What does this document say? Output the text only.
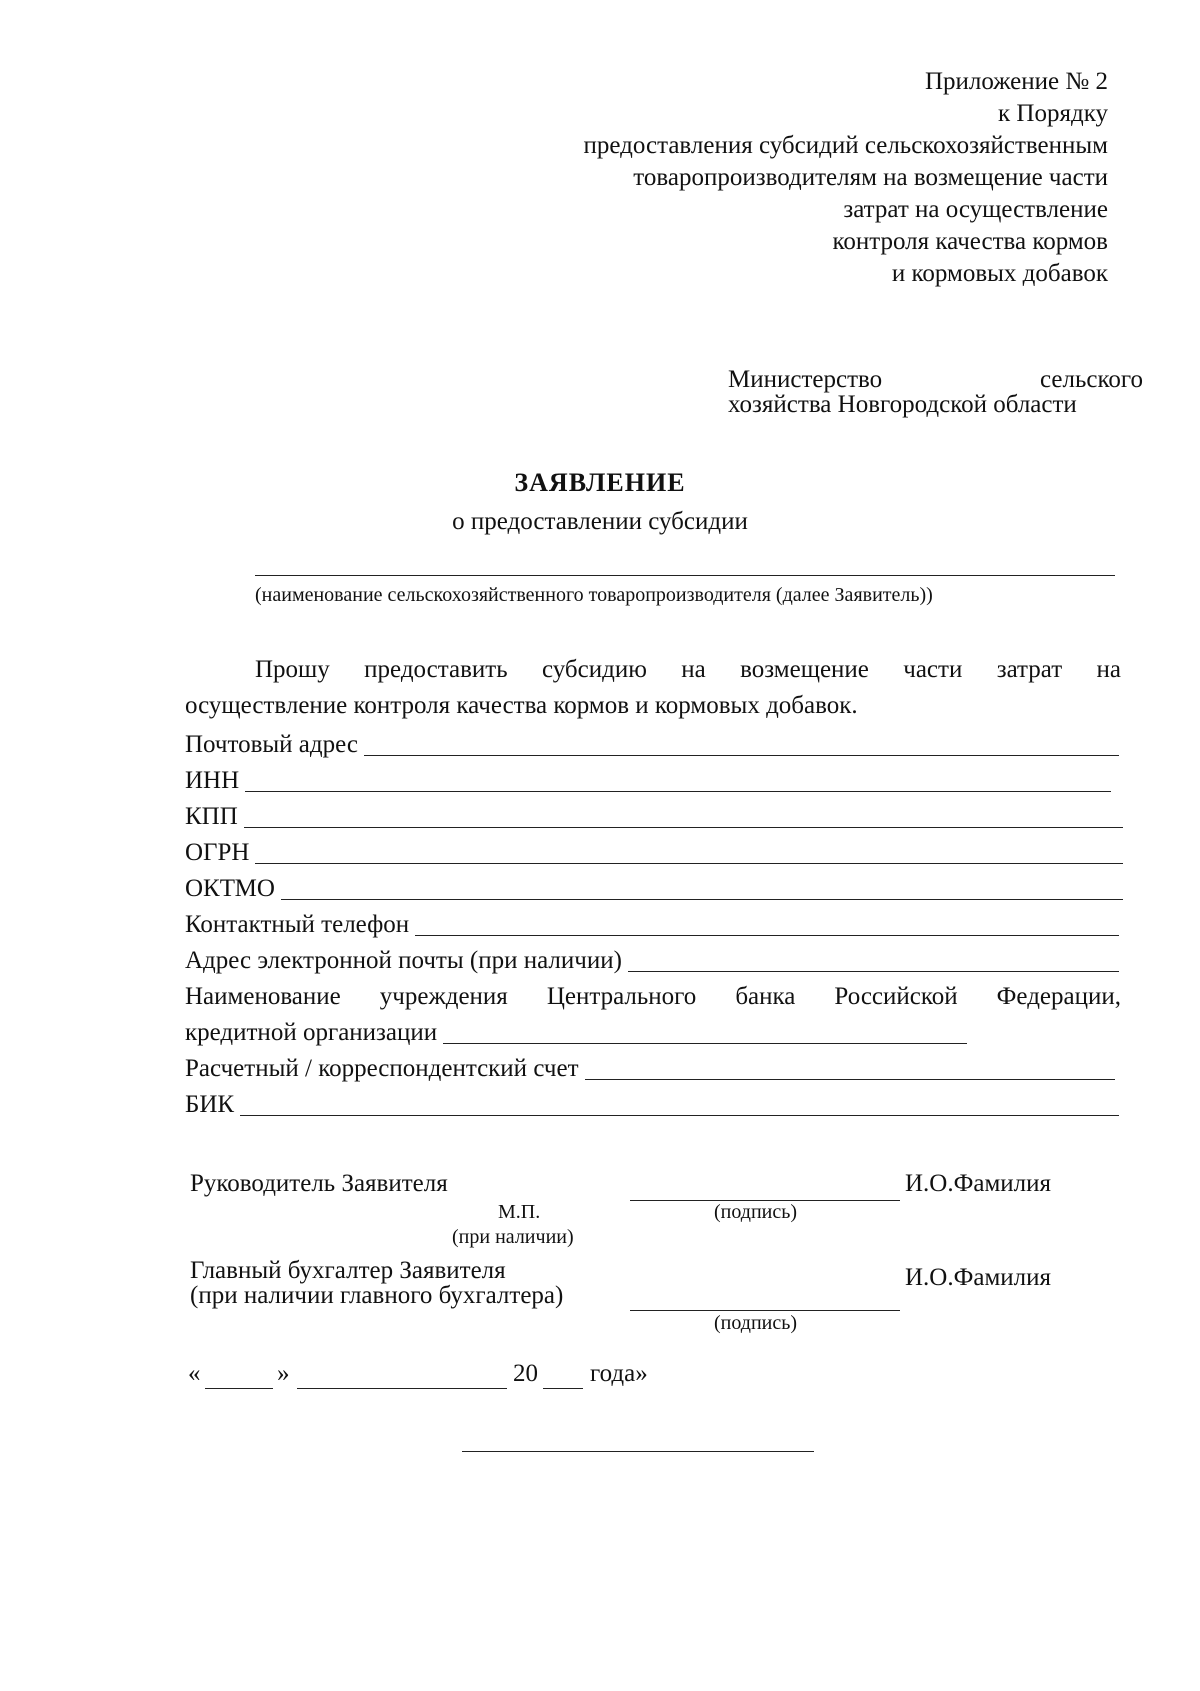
Приложение № 2
к Порядку
предоставления субсидий сельскохозяйственным
товаропроизводителям на возмещение части
затрат на осуществление
контроля качества кормов
и кормовых добавок
Министерство	сельского
хозяйства Новгородской области
ЗАЯВЛЕНИЕ
о предоставлении субсидии
(наименование сельскохозяйственного товаропроизводителя (далее Заявитель))
Прошу предоставить субсидию на возмещение части затрат на
осуществление контроля качества кормов и кормовых добавок.
Почтовый адрес
ИНН
КПП
ОГРН
ОКТМО
Контактный телефон
Адрес электронной почты (при наличии)
Наименование учреждения Центрального банка Российской Федерации,
кредитной организации
Расчетный / корреспондентский счет
БИК
Руководитель Заявителя	И.О.Фамилия
М.П.	(подпись)
(при наличии)
Главный бухгалтер Заявителя
(при наличии главного бухгалтера)
И.О.Фамилия
(подпись)
«	»	20 года»
